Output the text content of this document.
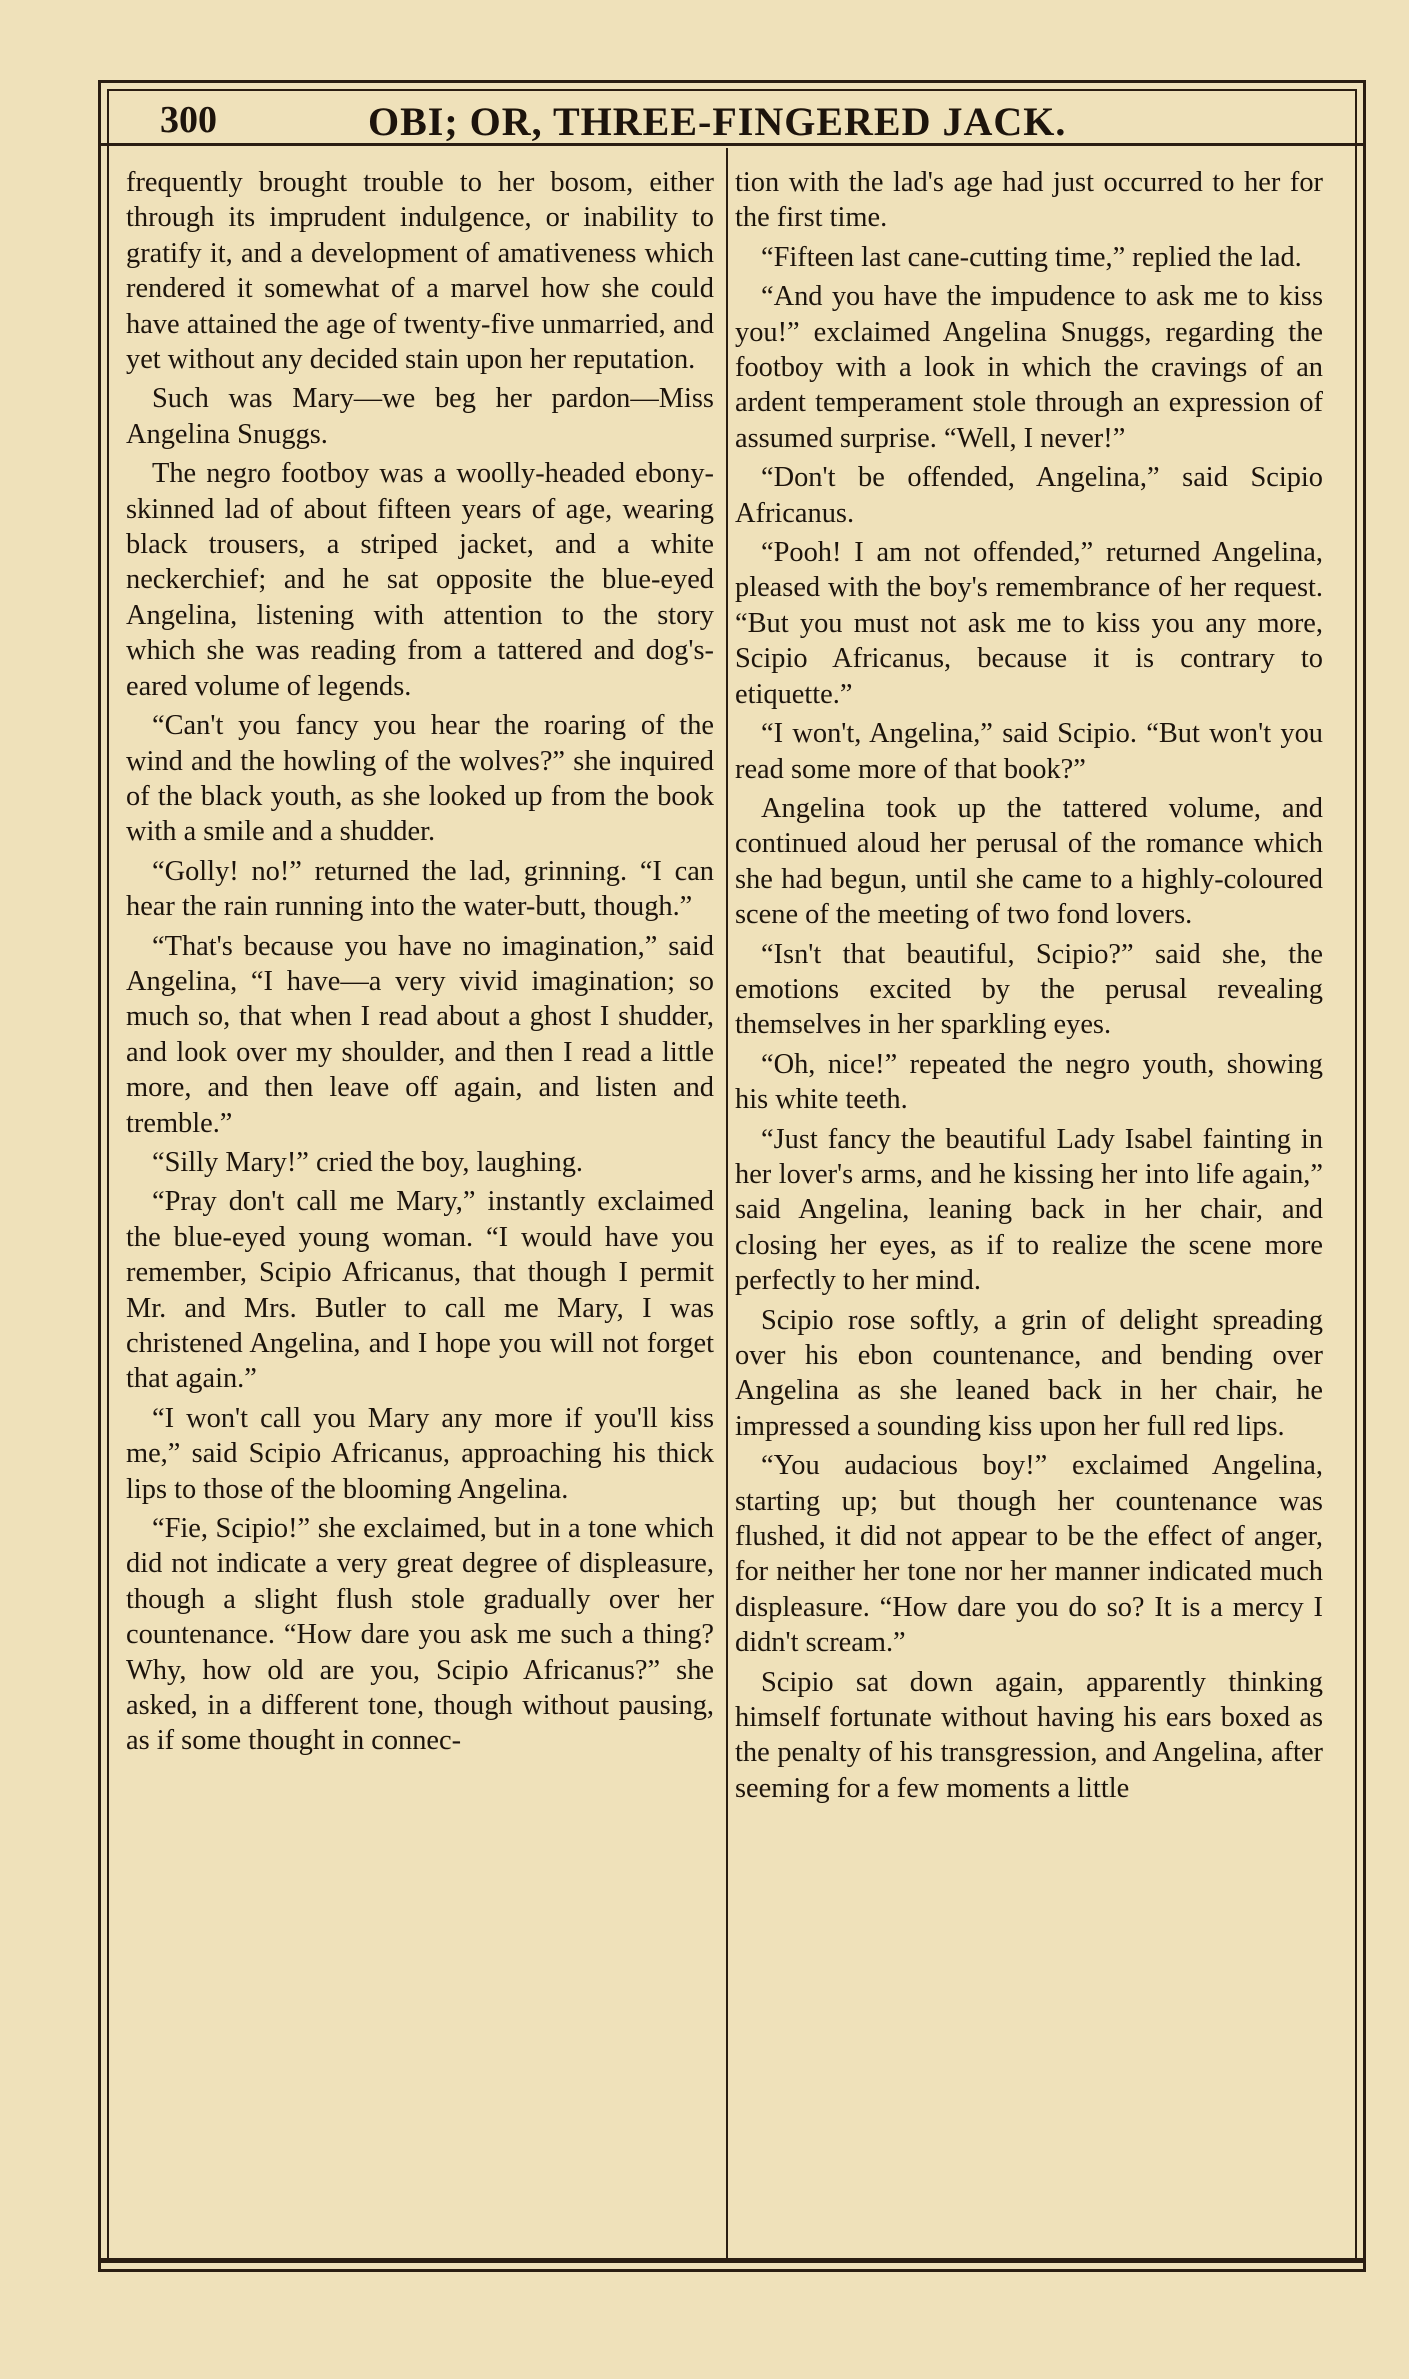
300	OBI; OR, THREE-FINGERED JACK.

frequently brought trouble to her bosom, either through its imprudent indulgence, or inability to gratify it, and a development of amativeness which rendered it somewhat of a marvel how she could have attained the age of twenty-five unmarried, and yet without any decided stain upon her reputation.

Such was Mary—we beg her pardon—Miss Angelina Snuggs.

The negro footboy was a woolly-headed ebony-skinned lad of about fifteen years of age, wearing black trousers, a striped jacket, and a white neckerchief; and he sat opposite the blue-eyed Angelina, listening with attention to the story which she was reading from a tattered and dog's-eared volume of legends.

“Can't you fancy you hear the roaring of the wind and the howling of the wolves?” she inquired of the black youth, as she looked up from the book with a smile and a shudder.

“Golly! no!” returned the lad, grinning. “I can hear the rain running into the water-butt, though.”

“That's because you have no imagination,” said Angelina, “I have—a very vivid imagination; so much so, that when I read about a ghost I shudder, and look over my shoulder, and then I read a little more, and then leave off again, and listen and tremble.”

“Silly Mary!” cried the boy, laughing.

“Pray don't call me Mary,” instantly exclaimed the blue-eyed young woman. “I would have you remember, Scipio Africanus, that though I permit Mr. and Mrs. Butler to call me Mary, I was christened Angelina, and I hope you will not forget that again.”

“I won't call you Mary any more if you'll kiss me,” said Scipio Africanus, approaching his thick lips to those of the blooming Angelina.

“Fie, Scipio!” she exclaimed, but in a tone which did not indicate a very great degree of displeasure, though a slight flush stole gradually over her countenance. “How dare you ask me such a thing? Why, how old are you, Scipio Africanus?” she asked, in a different tone, though without pausing, as if some thought in connec-

tion with the lad's age had just occurred to her for the first time.

“Fifteen last cane-cutting time,” replied the lad.

“And you have the impudence to ask me to kiss you!” exclaimed Angelina Snuggs, regarding the footboy with a look in which the cravings of an ardent temperament stole through an expression of assumed surprise. “Well, I never!”

“Don't be offended, Angelina,” said Scipio Africanus.

“Pooh! I am not offended,” returned Angelina, pleased with the boy's remembrance of her request. “But you must not ask me to kiss you any more, Scipio Africanus, because it is contrary to etiquette.”

“I won't, Angelina,” said Scipio. “But won't you read some more of that book?”

Angelina took up the tattered volume, and continued aloud her perusal of the romance which she had begun, until she came to a highly-coloured scene of the meeting of two fond lovers.

“Isn't that beautiful, Scipio?” said she, the emotions excited by the perusal revealing themselves in her sparkling eyes.

“Oh, nice!” repeated the negro youth, showing his white teeth.

“Just fancy the beautiful Lady Isabel fainting in her lover's arms, and he kissing her into life again,” said Angelina, leaning back in her chair, and closing her eyes, as if to realize the scene more perfectly to her mind.

Scipio rose softly, a grin of delight spreading over his ebon countenance, and bending over Angelina as she leaned back in her chair, he impressed a sounding kiss upon her full red lips.

“You audacious boy!” exclaimed Angelina, starting up; but though her countenance was flushed, it did not appear to be the effect of anger, for neither her tone nor her manner indicated much displeasure. “How dare you do so? It is a mercy I didn't scream.”

Scipio sat down again, apparently thinking himself fortunate without having his ears boxed as the penalty of his transgression, and Angelina, after seeming for a few moments a little
